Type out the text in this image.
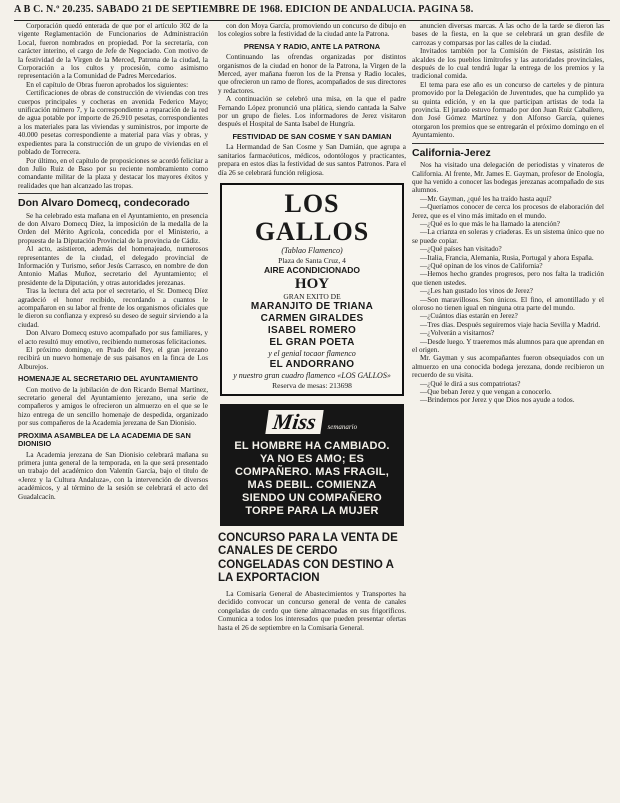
A B C. N.º 20.235. SABADO 21 DE SEPTIEMBRE DE 1968. EDICION DE ANDALUCIA. PAGINA 58.

Corporación quedó enterada de que por el artículo 302 de la vigente Reglamentación de Funcionarios de Administración Local, fueron nombrados en propiedad. Por la secretaría, con carácter interino, el cargo de Jefe de Negociado. Con motivo de la festividad de la Virgen de la Merced, Patrona de la ciudad, la Corporación a los cultos y procesión, como asimismo representación a la Comunidad de Padres Mercedarios.

En el capítulo de Obras fueron aprobados los siguientes:

Certificaciones de obras de construcción de viviendas con tres cuerpos principales y cocheras en avenida Federico Mayo; unificación número 7, y la correspondiente a reparación de la red de agua potable por importe de 26.910 pesetas, correspondientes a los materiales para las viviendas y suministros, por importe de 40.000 pesetas correspondiente a material para vías y obras, y expedientes para la construcción de un grupo de viviendas en el poblado de Torrecera.

Por último, en el capítulo de proposiciones se acordó felicitar a don Julio Ruiz de Baso por su reciente nombramiento como comandante militar de la plaza y destacar los mayores éxitos y realidades que han alcanzado las tropas.

Don Alvaro Domecq, condecorado

Se ha celebrado esta mañana en el Ayuntamiento, en presencia de don Alvaro Domecq Díez, la imposición de la medalla de la Orden del Mérito Agrícola, concedida por el Ministerio, a propuesta de la Diputación Provincial de la provincia de Cádiz.

Al acto, asistieron, además del homenajeado, numerosos representantes de la ciudad, el delegado provincial de Información y Turismo, señor Jesús Carrasco, en nombre de don Antonio Mañas Muñoz, secretario del Ayuntamiento; el presidente de la Diputación, y otras autoridades jerezanas.

Tras la lectura del acta por el secretario, el Sr. Domecq Díez agradeció el honor recibido, recordando a cuantos le acompañaron en su labor al frente de los organismos oficiales que le dieron su confianza y expresó su deseo de seguir sirviendo a la ciudad.

Don Alvaro Domecq estuvo acompañado por sus familiares, y el acto resultó muy emotivo, recibiendo numerosas felicitaciones.

El próximo domingo, en Prado del Rey, el gran jerezano recibirá un nuevo homenaje de sus paisanos en la finca de Los Alburejos.

HOMENAJE AL SECRETARIO DEL AYUNTAMIENTO

Con motivo de la jubilación de don Ricardo Bernal Martínez, secretario general del Ayuntamiento jerezano, una serie de compañeros y amigos le ofrecieron un almuerzo en el que se le hizo entrega de un sencillo homenaje de despedida, organizado por sus compañeros de la Academia jerezana de San Dionisio.

PROXIMA ASAMBLEA DE LA ACADEMIA DE SAN DIONISIO

La Academia jerezana de San Dionisio celebrará mañana su primera junta general de la temporada, en la que será presentado un trabajo del académico don Valentín García, bajo el título de «Jerez y la Cultura Andaluza», con la intervención de diversos académicos, y al término de la sesión se celebrará el acto del Guadalcacín.

con don Moya García, promoviendo un concurso de dibujo en los colegios sobre la festividad de la ciudad ante la Patrona.

PRENSA Y RADIO, ANTE LA PATRONA

Continuando las ofrendas organizadas por distintos organismos de la ciudad en honor de la Patrona, la Virgen de la Merced, ayer mañana fueron los de la Prensa y Radio locales, que ofrecieron un ramo de flores, acompañados de sus directores y redactores.

A continuación se celebró una misa, en la que el padre Fernando López pronunció una plática, siendo cantada la Salve por un grupo de fieles. Los informadores de Jerez visitaron después el Hospital de Santa Isabel de Hungría.

FESTIVIDAD DE SAN COSME Y SAN DAMIAN

La Hermandad de San Cosme y San Damián, que agrupa a sanitarios farmacéuticos, médicos, odontólogos y practicantes, prepara en estos días la festividad de sus santos Patronos. Para el día 26 se celebrará función religiosa.

LOS GALLOS
(Tablao Flamenco)
Plaza de Santa Cruz, 4
AIRE ACONDICIONADO
HOY
GRAN EXITO DE
MARANJITO DE TRIANA
CARMEN GIRALDES
ISABEL ROMERO
EL GRAN POETA
y el genial tocaor flamenco
EL ANDORRANO
y nuestro gran cuadro flamenco «LOS GALLOS»
Reserva de mesas: 213698
Miss semanario
EL HOMBRE HA CAMBIADO. YA NO ES AMO; ES COMPAÑERO. MAS FRAGIL, MAS DEBIL. COMIENZA SIENDO UN COMPAÑERO TORPE PARA LA MUJER
CONCURSO PARA LA VENTA DE CANALES DE CERDO CONGELADAS CON DESTINO A LA EXPORTACION

La Comisaría General de Abastecimientos y Transportes ha decidido convocar un concurso general de venta de canales congeladas de cerdo que tiene almacenadas en sus frigoríficos. Comunica a todos los interesados que pueden presentar ofertas hasta el 26 de septiembre en la Comisaría General.

anuncien diversas marcas. A las ocho de la tarde se dieron las bases de la fiesta, en la que se celebrará un gran desfile de carrozas y comparsas por las calles de la ciudad.

Invitados también por la Comisión de Fiestas, asistirán los alcaldes de los pueblos limítrofes y las autoridades provinciales, después de lo cual tendrá lugar la entrega de los premios y la tradicional comida.

El tema para ese año es un concurso de carteles y de pintura promovido por la Delegación de Juventudes, que ha cumplido ya su quinta edición, y en la que participan artistas de toda la provincia. El jurado estuvo formado por don Juan Ruiz Caballero, don José Gómez Martínez y don Alfonso García, quienes otorgaron los premios que se entregarán el próximo domingo en el Ayuntamiento.

California-Jerez

Nos ha visitado una delegación de periodistas y vinateros de California. Al frente, Mr. James E. Gayman, profesor de Enología, que ha venido a conocer las bodegas jerezanas acompañado de sus alumnos.

—Mr. Gayman, ¿qué les ha traído hasta aquí?

—Queríamos conocer de cerca los procesos de elaboración del Jerez, que es el vino más imitado en el mundo.

—¿Qué es lo que más le ha llamado la atención?

—La crianza en soleras y criaderas. Es un sistema único que no se puede copiar.

—¿Qué países han visitado?

—Italia, Francia, Alemania, Rusia, Portugal y ahora España.

—¿Qué opinan de los vinos de California?

—Hemos hecho grandes progresos, pero nos falta la tradición que tienen ustedes.

—¿Les han gustado los vinos de Jerez?

—Son maravillosos. Son únicos. El fino, el amontillado y el oloroso no tienen igual en ninguna otra parte del mundo.

—¿Cuántos días estarán en Jerez?

—Tres días. Después seguiremos viaje hacia Sevilla y Madrid.

—¿Volverán a visitarnos?

—Desde luego. Y traeremos más alumnos para que aprendan en el origen.

Mr. Gayman y sus acompañantes fueron obsequiados con un almuerzo en una conocida bodega jerezana, donde recibieron un recuerdo de su visita.

—¿Qué le dirá a sus compatriotas?

—Que beban Jerez y que vengan a conocerlo.

—Brindemos por Jerez y que Dios nos ayude a todos.
